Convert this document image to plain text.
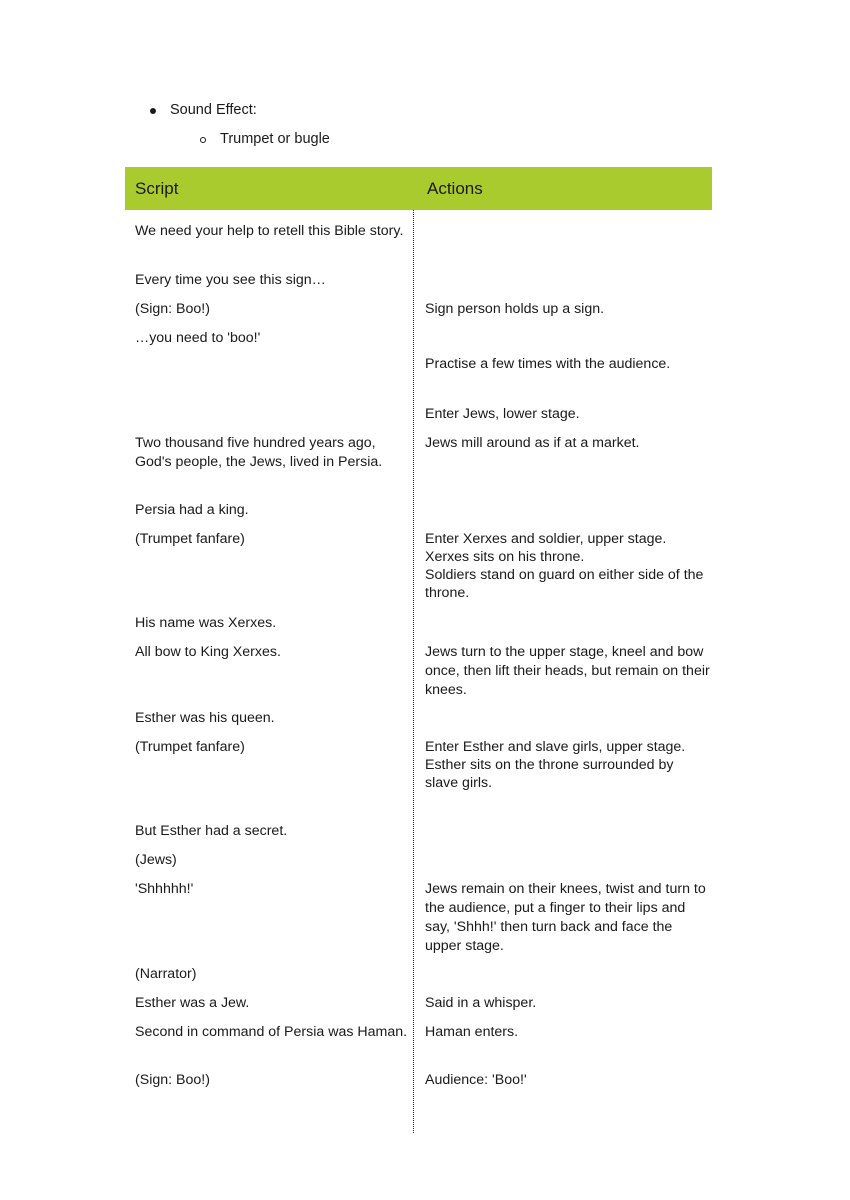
Sound Effect:
Trumpet or bugle
Script	Actions

We need your help to retell this Bible story.

Every time you see this sign…

(Sign: Boo!)

…you need to 'boo!'

Two thousand five hundred years ago, God's people, the Jews, lived in Persia.

Persia had a king.

(Trumpet fanfare)

His name was Xerxes.

All bow to King Xerxes.

Esther was his queen.

(Trumpet fanfare)

But Esther had a secret.

(Jews)

'Shhhhh!'

(Narrator)

Esther was a Jew.

Second in command of Persia was Haman.

(Sign: Boo!)

Sign person holds up a sign.

Practise a few times with the audience.

Enter Jews, lower stage.

Jews mill around as if at a market.

Enter Xerxes and soldier, upper stage.
Xerxes sits on his throne.
Soldiers stand on guard on either side of the throne.

Jews turn to the upper stage, kneel and bow once, then lift their heads, but remain on their knees.

Enter Esther and slave girls, upper stage.
Esther sits on the throne surrounded by slave girls.

Jews remain on their knees, twist and turn to the audience, put a finger to their lips and say, 'Shhh!' then turn back and face the upper stage.

Said in a whisper.

Haman enters.

Audience: 'Boo!'
